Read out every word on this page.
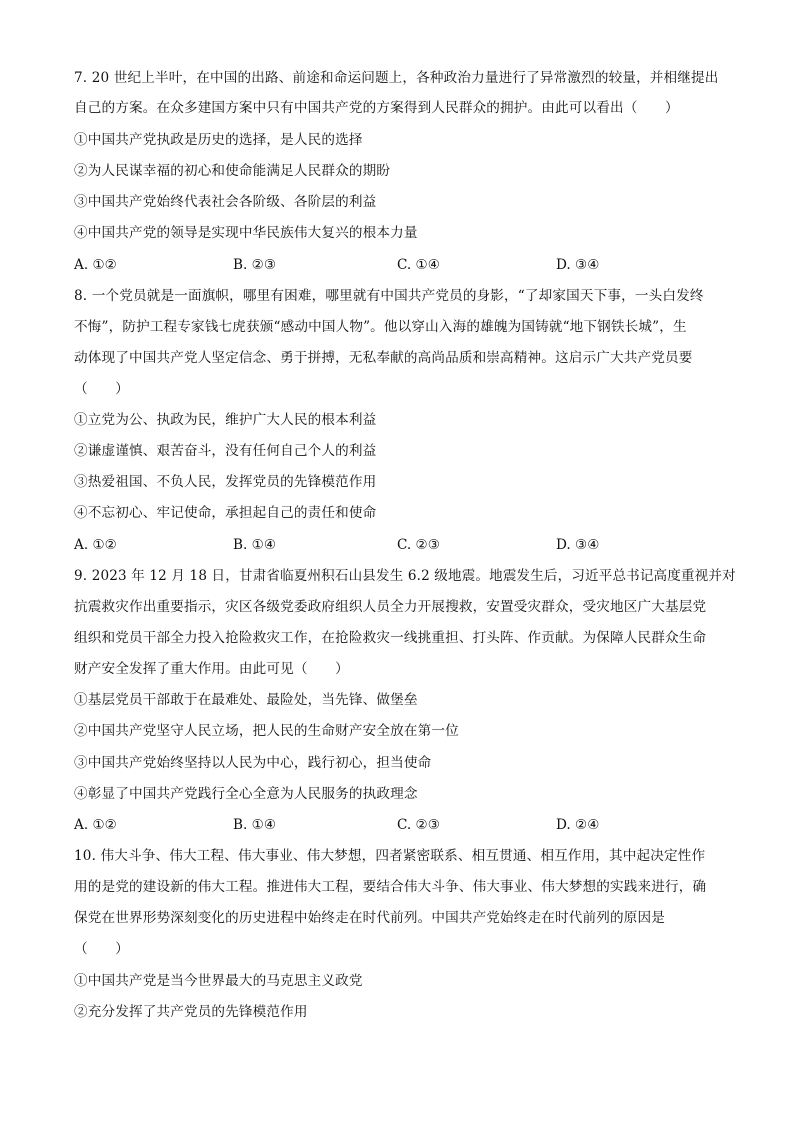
7. 20 世纪上半叶，在中国的出路、前途和命运问题上，各种政治力量进行了异常激烈的较量，并相继提出
自己的方案。在众多建国方案中只有中国共产党的方案得到人民群众的拥护。由此可以看出（　　）
①中国共产党执政是历史的选择，是人民的选择
②为人民谋幸福的初心和使命能满足人民群众的期盼
③中国共产党始终代表社会各阶级、各阶层的利益
④中国共产党的领导是实现中华民族伟大复兴的根本力量
A. ①②	B. ②③	C. ①④	D. ③④
8. 一个党员就是一面旗帜，哪里有困难，哪里就有中国共产党员的身影，“了却家国天下事，一头白发终
不悔”，防护工程专家钱七虎获颁“感动中国人物”。他以穿山入海的雄魄为国铸就“地下钢铁长城”，生
动体现了中国共产党人坚定信念、勇于拼搏，无私奉献的高尚品质和崇高精神。这启示广大共产党员要
（　　）
①立党为公、执政为民，维护广大人民的根本利益
②谦虚谨慎、艰苦奋斗，没有任何自己个人的利益
③热爱祖国、不负人民，发挥党员的先锋模范作用
④不忘初心、牢记使命，承担起自己的责任和使命
A. ①②	B. ①④	C. ②③	D. ③④
9. 2023 年 12 月 18 日，甘肃省临夏州积石山县发生 6.2 级地震。地震发生后，习近平总书记高度重视并对
抗震救灾作出重要指示，灾区各级党委政府组织人员全力开展搜救，安置受灾群众，受灾地区广大基层党
组织和党员干部全力投入抢险救灾工作，在抢险救灾一线挑重担、打头阵、作贡献。为保障人民群众生命
财产安全发挥了重大作用。由此可见（　　）
①基层党员干部敢于在最难处、最险处，当先锋、做堡垒
②中国共产党坚守人民立场，把人民的生命财产安全放在第一位
③中国共产党始终坚持以人民为中心，践行初心，担当使命
④彰显了中国共产党践行全心全意为人民服务的执政理念
A. ①②	B. ①④	C. ②③	D. ②④
10. 伟大斗争、伟大工程、伟大事业、伟大梦想，四者紧密联系、相互贯通、相互作用，其中起决定性作
用的是党的建设新的伟大工程。推进伟大工程，要结合伟大斗争、伟大事业、伟大梦想的实践来进行，确
保党在世界形势深刻变化的历史进程中始终走在时代前列。中国共产党始终走在时代前列的原因是
（　　）
①中国共产党是当今世界最大的马克思主义政党
②充分发挥了共产党员的先锋模范作用
